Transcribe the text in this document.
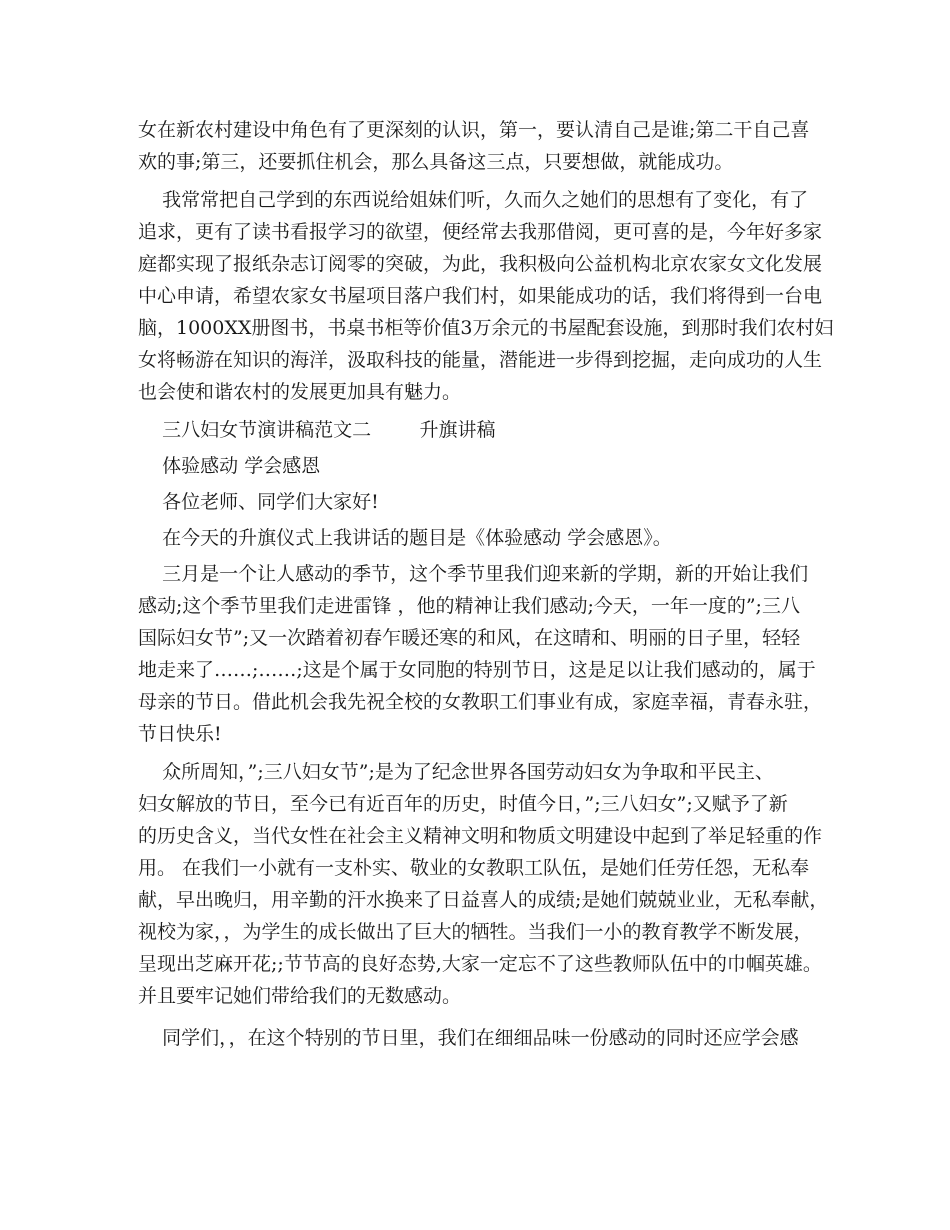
女在新农村建设中角色有了更深刻的认识，第一，要认清自己是谁;第二干自己喜
欢的事;第三，还要抓住机会，那么具备这三点，只要想做，就能成功。
我常常把自己学到的东西说给姐妹们听，久而久之她们的思想有了变化，有了
追求，更有了读书看报学习的欲望，便经常去我那借阅，更可喜的是，今年好多家
庭都实现了报纸杂志订阅零的突破，为此，我积极向公益机构北京农家女文化发展
中心申请，希望农家女书屋项目落户我们村，如果能成功的话，我们将得到一台电
脑，1000XX册图书，书桌书柜等价值3万余元的书屋配套设施，到那时我们农村妇
女将畅游在知识的海洋，汲取科技的能量，潜能进一步得到挖掘，走向成功的人生
也会使和谐农村的发展更加具有魅力。
三八妇女节演讲稿范文二        升旗讲稿
体验感动 学会感恩
各位老师、同学们大家好!
在今天的升旗仪式上我讲话的题目是《体验感动 学会感恩》。
三月是一个让人感动的季节，这个季节里我们迎来新的学期，新的开始让我们
感动;这个季节里我们走进雷锋 ，他的精神让我们感动;今天，一年一度的”;三八
国际妇女节”;又一次踏着初春乍暖还寒的和风，在这晴和、明丽的日子里，轻轻
地走来了……;……;这是个属于女同胞的特别节日，这是足以让我们感动的，属于
母亲的节日。借此机会我先祝全校的女教职工们事业有成，家庭幸福，青春永驻，
节日快乐!
众所周知，”;三八妇女节”;是为了纪念世界各国劳动妇女为争取和平民主、
妇女解放的节日，至今已有近百年的历史，时值今日，”;三八妇女”;又赋予了新
的历史含义，当代女性在社会主义精神文明和物质文明建设中起到了举足轻重的作
用。 在我们一小就有一支朴实、敬业的女教职工队伍，是她们任劳任怨，无私奉
献，早出晚归，用辛勤的汗水换来了日益喜人的成绩;是她们兢兢业业，无私奉献，
视校为家，，为学生的成长做出了巨大的牺牲。当我们一小的教育教学不断发展，
呈现出芝麻开花;;节节高的良好态势,大家一定忘不了这些教师队伍中的巾帼英雄。
并且要牢记她们带给我们的无数感动。
同学们，，在这个特别的节日里，我们在细细品味一份感动的同时还应学会感
